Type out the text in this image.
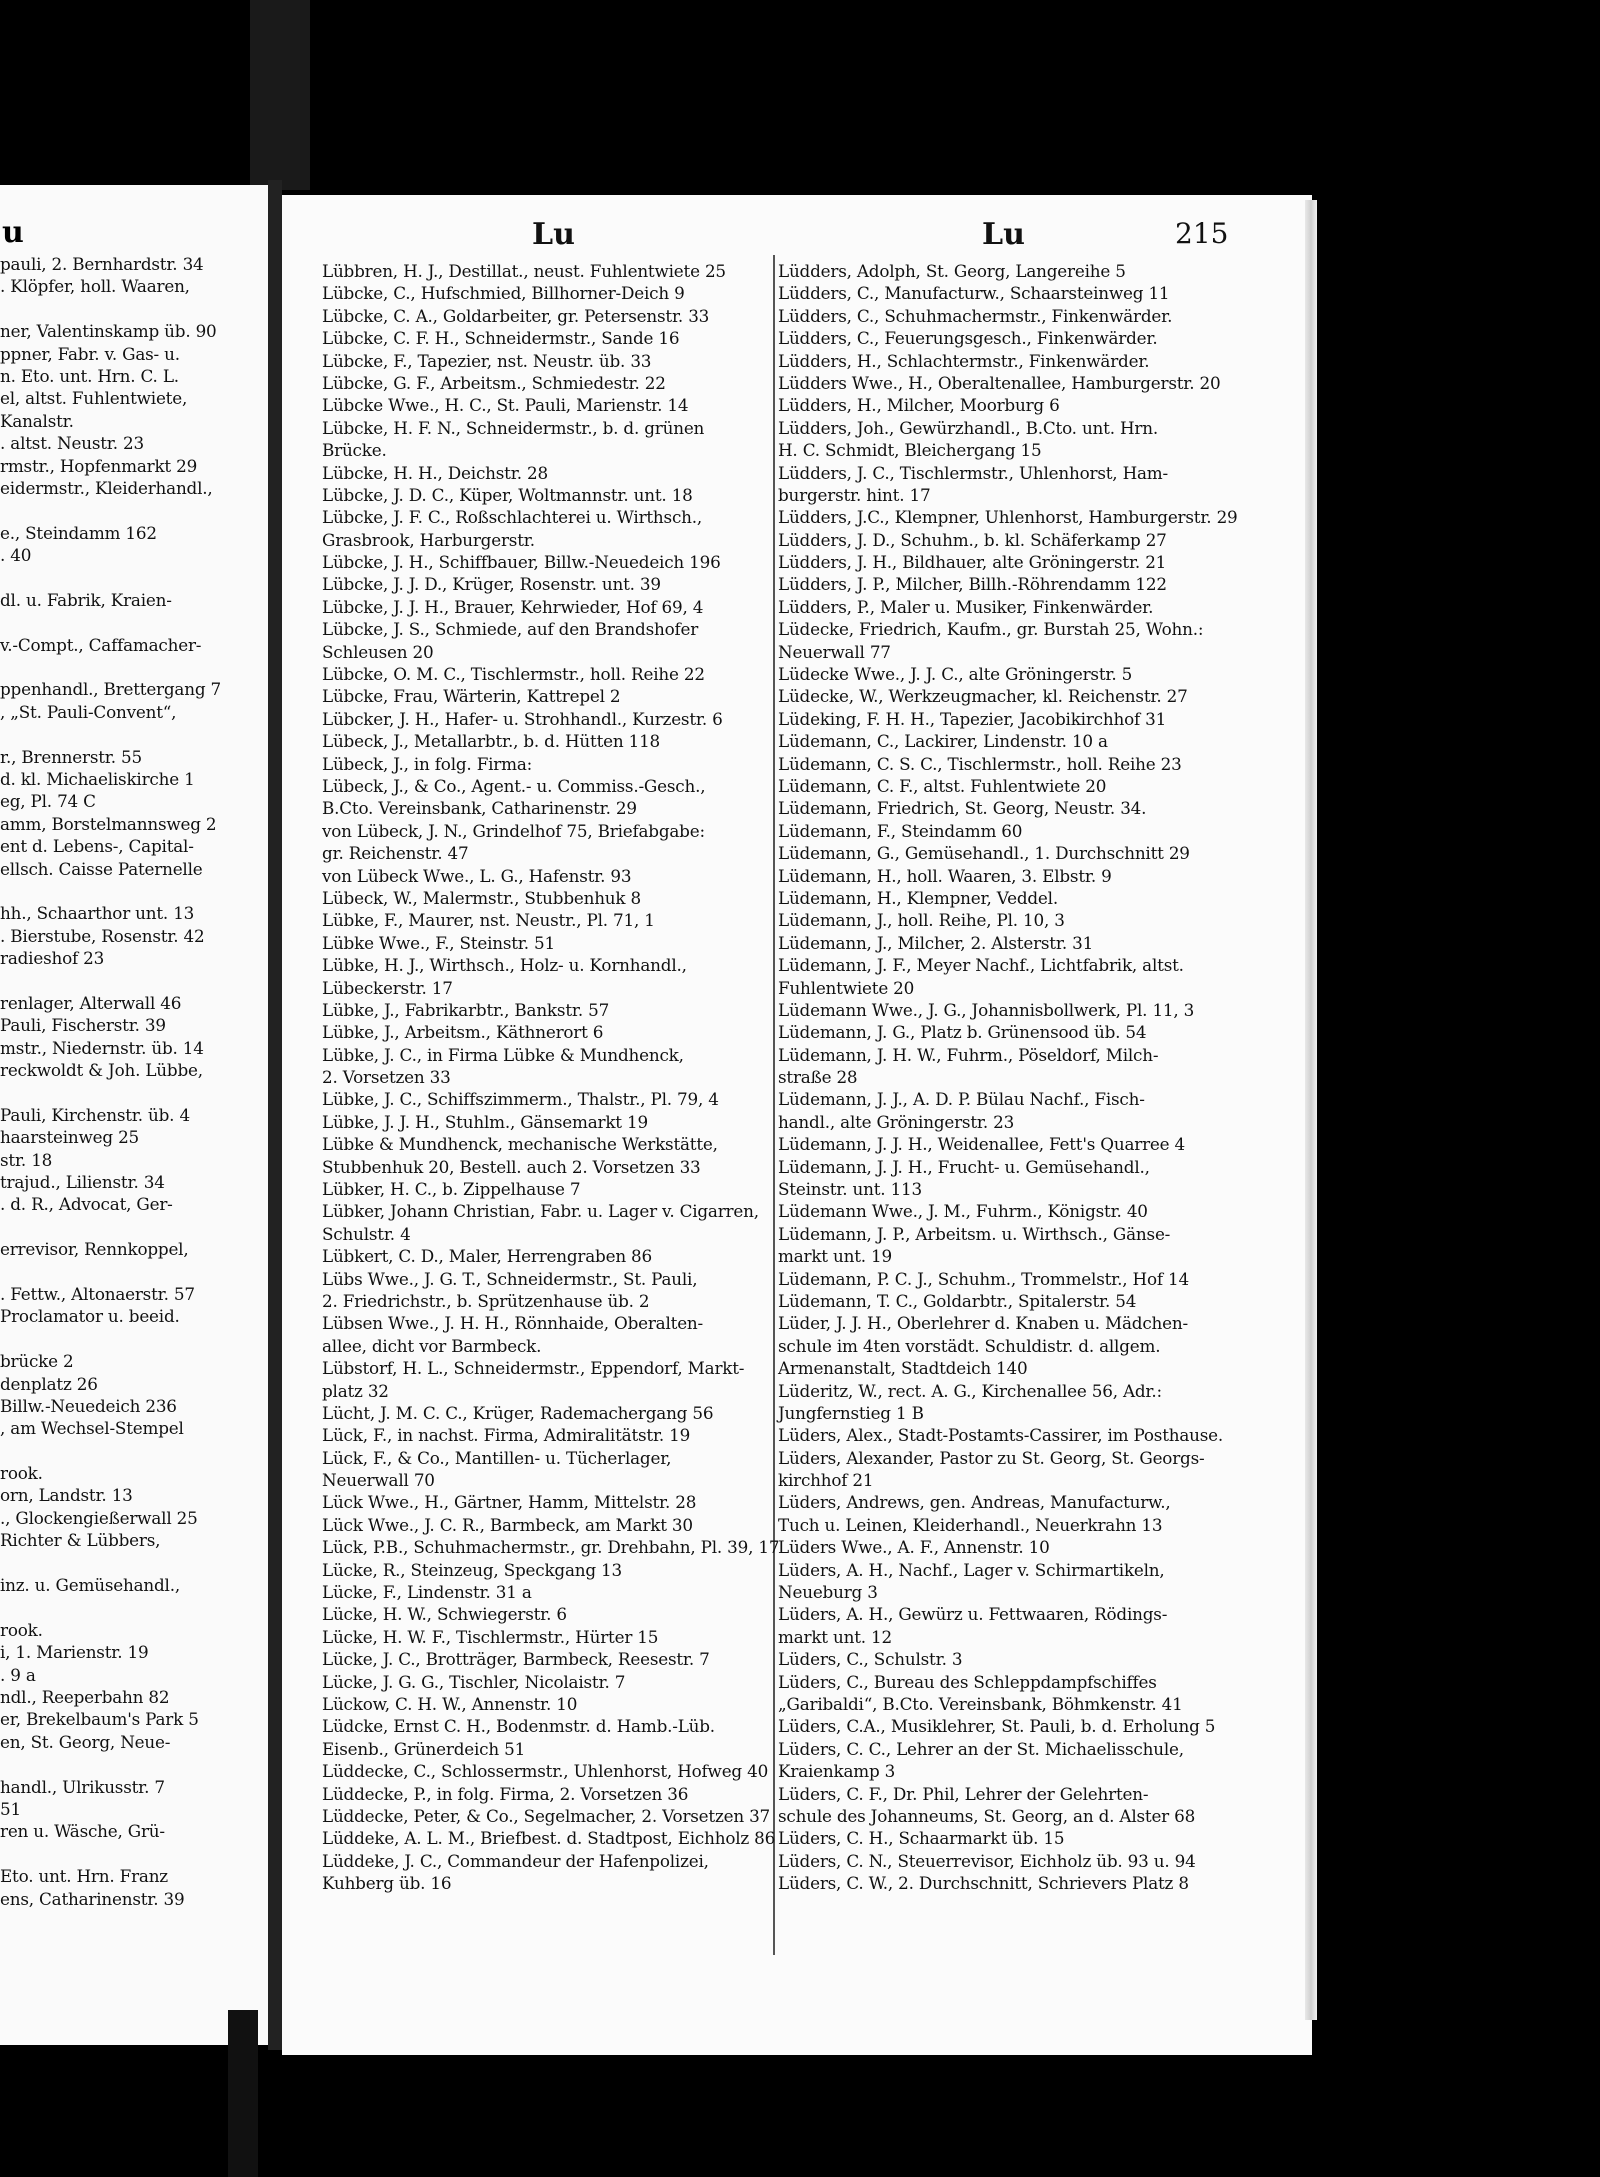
u
pauli, 2. Bernhardstr. 34
. Klöpfer, holl. Waaren,
ner, Valentinskamp üb. 90
ppner, Fabr. v. Gas- u.
n. Eto. unt. Hrn. C. L.
el, altst. Fuhlentwiete,
Kanalstr.
. altst. Neustr. 23
rmstr., Hopfenmarkt 29
eidermstr., Kleiderhandl.,
e., Steindamm 162
. 40
dl. u. Fabrik, Kraien-
v.-Compt., Caffamacher-
ppenhandl., Brettergang 7
, „St. Pauli-Convent“,
r., Brennerstr. 55
d. kl. Michaeliskirche 1
eg, Pl. 74 C
amm, Borstelmannsweg 2
ent d. Lebens-, Capital-
ellsch. Caisse Paternelle
hh., Schaarthor unt. 13
. Bierstube, Rosenstr. 42
radieshof 23
renlager, Alterwall 46
Pauli, Fischerstr. 39
mstr., Niedernstr. üb. 14
reckwoldt & Joh. Lübbe,
Pauli, Kirchenstr. üb. 4
haarsteinweg 25
str. 18
trajud., Lilienstr. 34
. d. R., Advocat, Ger-
errevisor, Rennkoppel,
. Fettw., Altonaerstr. 57
Proclamator u. beeid.
brücke 2
denplatz 26
Billw.-Neuedeich 236
, am Wechsel-Stempel
rook.
orn, Landstr. 13
., Glockengießerwall 25
Richter & Lübbers,
inz. u. Gemüsehandl.,
rook.
i, 1. Marienstr. 19
. 9 a
ndl., Reeperbahn 82
er, Brekelbaum's Park 5
en, St. Georg, Neue-
handl., Ulrikusstr. 7
51
ren u. Wäsche, Grü-
Eto. unt. Hrn. Franz
ens, Catharinenstr. 39
Lu	Lu	215
Lübbren, H. J., Destillat., neust. Fuhlentwiete 25
Lübcke, C., Hufschmied, Billhorner-Deich 9
Lübcke, C. A., Goldarbeiter, gr. Petersenstr. 33
Lübcke, C. F. H., Schneidermstr., Sande 16
Lübcke, F., Tapezier, nst. Neustr. üb. 33
Lübcke, G. F., Arbeitsm., Schmiedestr. 22
Lübcke Wwe., H. C., St. Pauli, Marienstr. 14
Lübcke, H. F. N., Schneidermstr., b. d. grünen
Brücke.
Lübcke, H. H., Deichstr. 28
Lübcke, J. D. C., Küper, Woltmannstr. unt. 18
Lübcke, J. F. C., Roßschlachterei u. Wirthsch.,
Grasbrook, Harburgerstr.
Lübcke, J. H., Schiffbauer, Billw.-Neuedeich 196
Lübcke, J. J. D., Krüger, Rosenstr. unt. 39
Lübcke, J. J. H., Brauer, Kehrwieder, Hof 69, 4
Lübcke, J. S., Schmiede, auf den Brandshofer
Schleusen 20
Lübcke, O. M. C., Tischlermstr., holl. Reihe 22
Lübcke, Frau, Wärterin, Kattrepel 2
Lübcker, J. H., Hafer- u. Strohhandl., Kurzestr. 6
Lübeck, J., Metallarbtr., b. d. Hütten 118
Lübeck, J., in folg. Firma:
Lübeck, J., & Co., Agent.- u. Commiss.-Gesch.,
B.Cto. Vereinsbank, Catharinenstr. 29
von Lübeck, J. N., Grindelhof 75, Briefabgabe:
gr. Reichenstr. 47
von Lübeck Wwe., L. G., Hafenstr. 93
Lübeck, W., Malermstr., Stubbenhuk 8
Lübke, F., Maurer, nst. Neustr., Pl. 71, 1
Lübke Wwe., F., Steinstr. 51
Lübke, H. J., Wirthsch., Holz- u. Kornhandl.,
Lübeckerstr. 17
Lübke, J., Fabrikarbtr., Bankstr. 57
Lübke, J., Arbeitsm., Käthnerort 6
Lübke, J. C., in Firma Lübke & Mundhenck,
2. Vorsetzen 33
Lübke, J. C., Schiffszimmerm., Thalstr., Pl. 79, 4
Lübke, J. J. H., Stuhlm., Gänsemarkt 19
Lübke & Mundhenck, mechanische Werkstätte,
Stubbenhuk 20, Bestell. auch 2. Vorsetzen 33
Lübker, H. C., b. Zippelhause 7
Lübker, Johann Christian, Fabr. u. Lager v. Cigarren,
Schulstr. 4
Lübkert, C. D., Maler, Herrengraben 86
Lübs Wwe., J. G. T., Schneidermstr., St. Pauli,
2. Friedrichstr., b. Sprützenhause üb. 2
Lübsen Wwe., J. H. H., Rönnhaide, Oberalten-
allee, dicht vor Barmbeck.
Lübstorf, H. L., Schneidermstr., Eppendorf, Markt-
platz 32
Lücht, J. M. C. C., Krüger, Rademachergang 56
Lück, F., in nachst. Firma, Admiralitätstr. 19
Lück, F., & Co., Mantillen- u. Tücherlager,
Neuerwall 70
Lück Wwe., H., Gärtner, Hamm, Mittelstr. 28
Lück Wwe., J. C. R., Barmbeck, am Markt 30
Lück, P.B., Schuhmachermstr., gr. Drehbahn, Pl. 39, 17
Lücke, R., Steinzeug, Speckgang 13
Lücke, F., Lindenstr. 31 a
Lücke, H. W., Schwiegerstr. 6
Lücke, H. W. F., Tischlermstr., Hürter 15
Lücke, J. C., Brotträger, Barmbeck, Reesestr. 7
Lücke, J. G. G., Tischler, Nicolaistr. 7
Lückow, C. H. W., Annenstr. 10
Lüdcke, Ernst C. H., Bodenmstr. d. Hamb.-Lüb.
Eisenb., Grünerdeich 51
Lüddecke, C., Schlossermstr., Uhlenhorst, Hofweg 40
Lüddecke, P., in folg. Firma, 2. Vorsetzen 36
Lüddecke, Peter, & Co., Segelmacher, 2. Vorsetzen 37
Lüddeke, A. L. M., Briefbest. d. Stadtpost, Eichholz 86
Lüddeke, J. C., Commandeur der Hafenpolizei,
Kuhberg üb. 16
Lüdders, Adolph, St. Georg, Langereihe 5
Lüdders, C., Manufacturw., Schaarsteinweg 11
Lüdders, C., Schuhmachermstr., Finkenwärder.
Lüdders, C., Feuerungsgesch., Finkenwärder.
Lüdders, H., Schlachtermstr., Finkenwärder.
Lüdders Wwe., H., Oberaltenallee, Hamburgerstr. 20
Lüdders, H., Milcher, Moorburg 6
Lüdders, Joh., Gewürzhandl., B.Cto. unt. Hrn.
H. C. Schmidt, Bleichergang 15
Lüdders, J. C., Tischlermstr., Uhlenhorst, Ham-
burgerstr. hint. 17
Lüdders, J.C., Klempner, Uhlenhorst, Hamburgerstr. 29
Lüdders, J. D., Schuhm., b. kl. Schäferkamp 27
Lüdders, J. H., Bildhauer, alte Gröningerstr. 21
Lüdders, J. P., Milcher, Billh.-Röhrendamm 122
Lüdders, P., Maler u. Musiker, Finkenwärder.
Lüdecke, Friedrich, Kaufm., gr. Burstah 25, Wohn.:
Neuerwall 77
Lüdecke Wwe., J. J. C., alte Gröningerstr. 5
Lüdecke, W., Werkzeugmacher, kl. Reichenstr. 27
Lüdeking, F. H. H., Tapezier, Jacobikirchhof 31
Lüdemann, C., Lackirer, Lindenstr. 10 a
Lüdemann, C. S. C., Tischlermstr., holl. Reihe 23
Lüdemann, C. F., altst. Fuhlentwiete 20
Lüdemann, Friedrich, St. Georg, Neustr. 34.
Lüdemann, F., Steindamm 60
Lüdemann, G., Gemüsehandl., 1. Durchschnitt 29
Lüdemann, H., holl. Waaren, 3. Elbstr. 9
Lüdemann, H., Klempner, Veddel.
Lüdemann, J., holl. Reihe, Pl. 10, 3
Lüdemann, J., Milcher, 2. Alsterstr. 31
Lüdemann, J. F., Meyer Nachf., Lichtfabrik, altst.
Fuhlentwiete 20
Lüdemann Wwe., J. G., Johannisbollwerk, Pl. 11, 3
Lüdemann, J. G., Platz b. Grünensood üb. 54
Lüdemann, J. H. W., Fuhrm., Pöseldorf, Milch-
straße 28
Lüdemann, J. J., A. D. P. Bülau Nachf., Fisch-
handl., alte Gröningerstr. 23
Lüdemann, J. J. H., Weidenallee, Fett's Quarree 4
Lüdemann, J. J. H., Frucht- u. Gemüsehandl.,
Steinstr. unt. 113
Lüdemann Wwe., J. M., Fuhrm., Königstr. 40
Lüdemann, J. P., Arbeitsm. u. Wirthsch., Gänse-
markt unt. 19
Lüdemann, P. C. J., Schuhm., Trommelstr., Hof 14
Lüdemann, T. C., Goldarbtr., Spitalerstr. 54
Lüder, J. J. H., Oberlehrer d. Knaben u. Mädchen-
schule im 4ten vorstädt. Schuldistr. d. allgem.
Armenanstalt, Stadtdeich 140
Lüderitz, W., rect. A. G., Kirchenallee 56, Adr.:
Jungfernstieg 1 B
Lüders, Alex., Stadt-Postamts-Cassirer, im Posthause.
Lüders, Alexander, Pastor zu St. Georg, St. Georgs-
kirchhof 21
Lüders, Andrews, gen. Andreas, Manufacturw.,
Tuch u. Leinen, Kleiderhandl., Neuerkrahn 13
Lüders Wwe., A. F., Annenstr. 10
Lüders, A. H., Nachf., Lager v. Schirmartikeln,
Neueburg 3
Lüders, A. H., Gewürz u. Fettwaaren, Rödings-
markt unt. 12
Lüders, C., Schulstr. 3
Lüders, C., Bureau des Schleppdampfschiffes
„Garibaldi“, B.Cto. Vereinsbank, Böhmkenstr. 41
Lüders, C.A., Musiklehrer, St. Pauli, b. d. Erholung 5
Lüders, C. C., Lehrer an der St. Michaelisschule,
Kraienkamp 3
Lüders, C. F., Dr. Phil, Lehrer der Gelehrten-
schule des Johanneums, St. Georg, an d. Alster 68
Lüders, C. H., Schaarmarkt üb. 15
Lüders, C. N., Steuerrevisor, Eichholz üb. 93 u. 94
Lüders, C. W., 2. Durchschnitt, Schrievers Platz 8
